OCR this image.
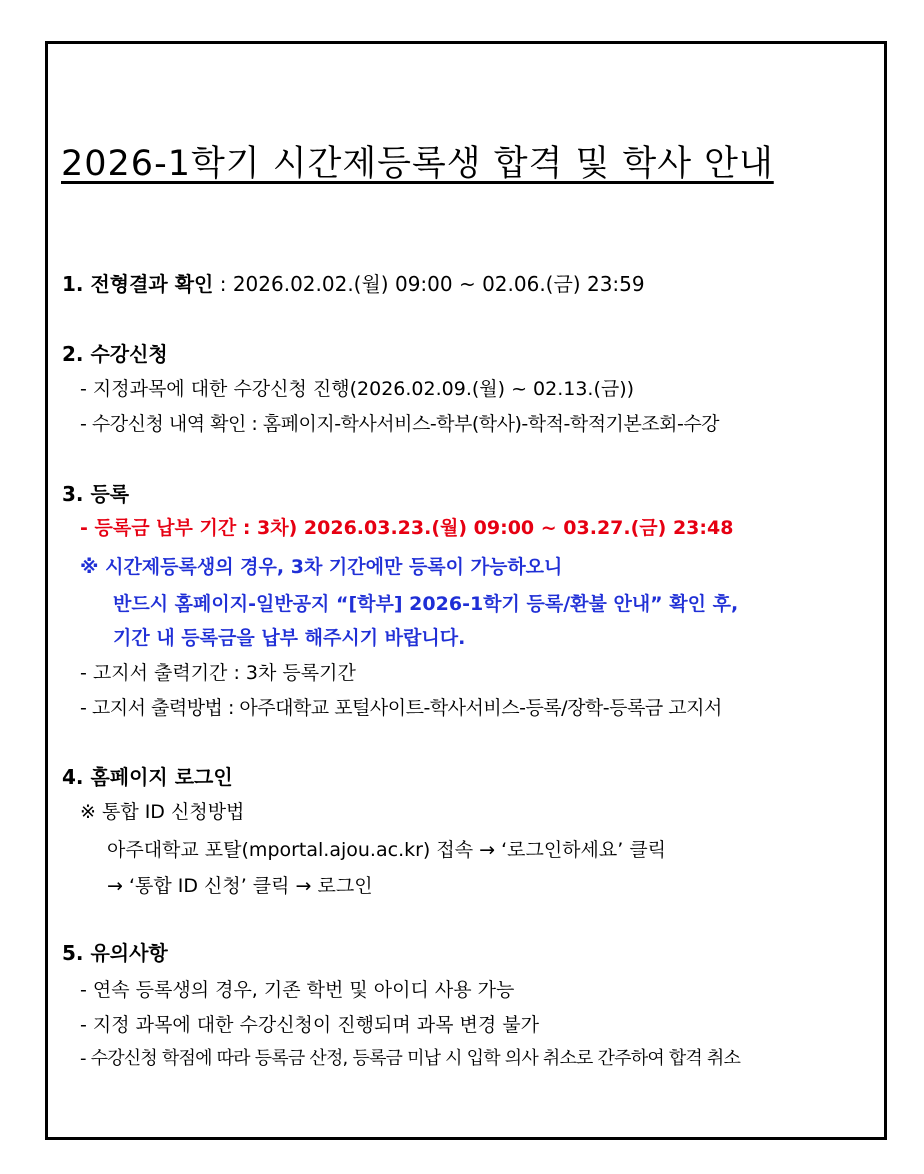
2026-1학기 시간제등록생 합격 및 학사 안내
1. 전형결과 확인 : 2026.02.02.(월) 09:00 ~ 02.06.(금) 23:59
2. 수강신청
- 지정과목에 대한 수강신청 진행(2026.02.09.(월) ~ 02.13.(금))
- 수강신청 내역 확인 : 홈페이지-학사서비스-학부(학사)-학적-학적기본조회-수강
3. 등록
- 등록금 납부 기간 : 3차) 2026.03.23.(월) 09:00 ~ 03.27.(금) 23:48
※ 시간제등록생의 경우, 3차 기간에만 등록이 가능하오니
반드시 홈페이지-일반공지 “[학부] 2026-1학기 등록/환불 안내” 확인 후,
기간 내 등록금을 납부 해주시기 바랍니다.
- 고지서 출력기간 : 3차 등록기간
- 고지서 출력방법 : 아주대학교 포털사이트-학사서비스-등록/장학-등록금 고지서
4. 홈페이지 로그인
※ 통합 ID 신청방법
아주대학교 포탈(mportal.ajou.ac.kr) 접속 → ‘로그인하세요’ 클릭
→ ‘통합 ID 신청’ 클릭 → 로그인
5. 유의사항
- 연속 등록생의 경우, 기존 학번 및 아이디 사용 가능
- 지정 과목에 대한 수강신청이 진행되며 과목 변경 불가
- 수강신청 학점에 따라 등록금 산정, 등록금 미납 시 입학 의사 취소로 간주하여 합격 취소
